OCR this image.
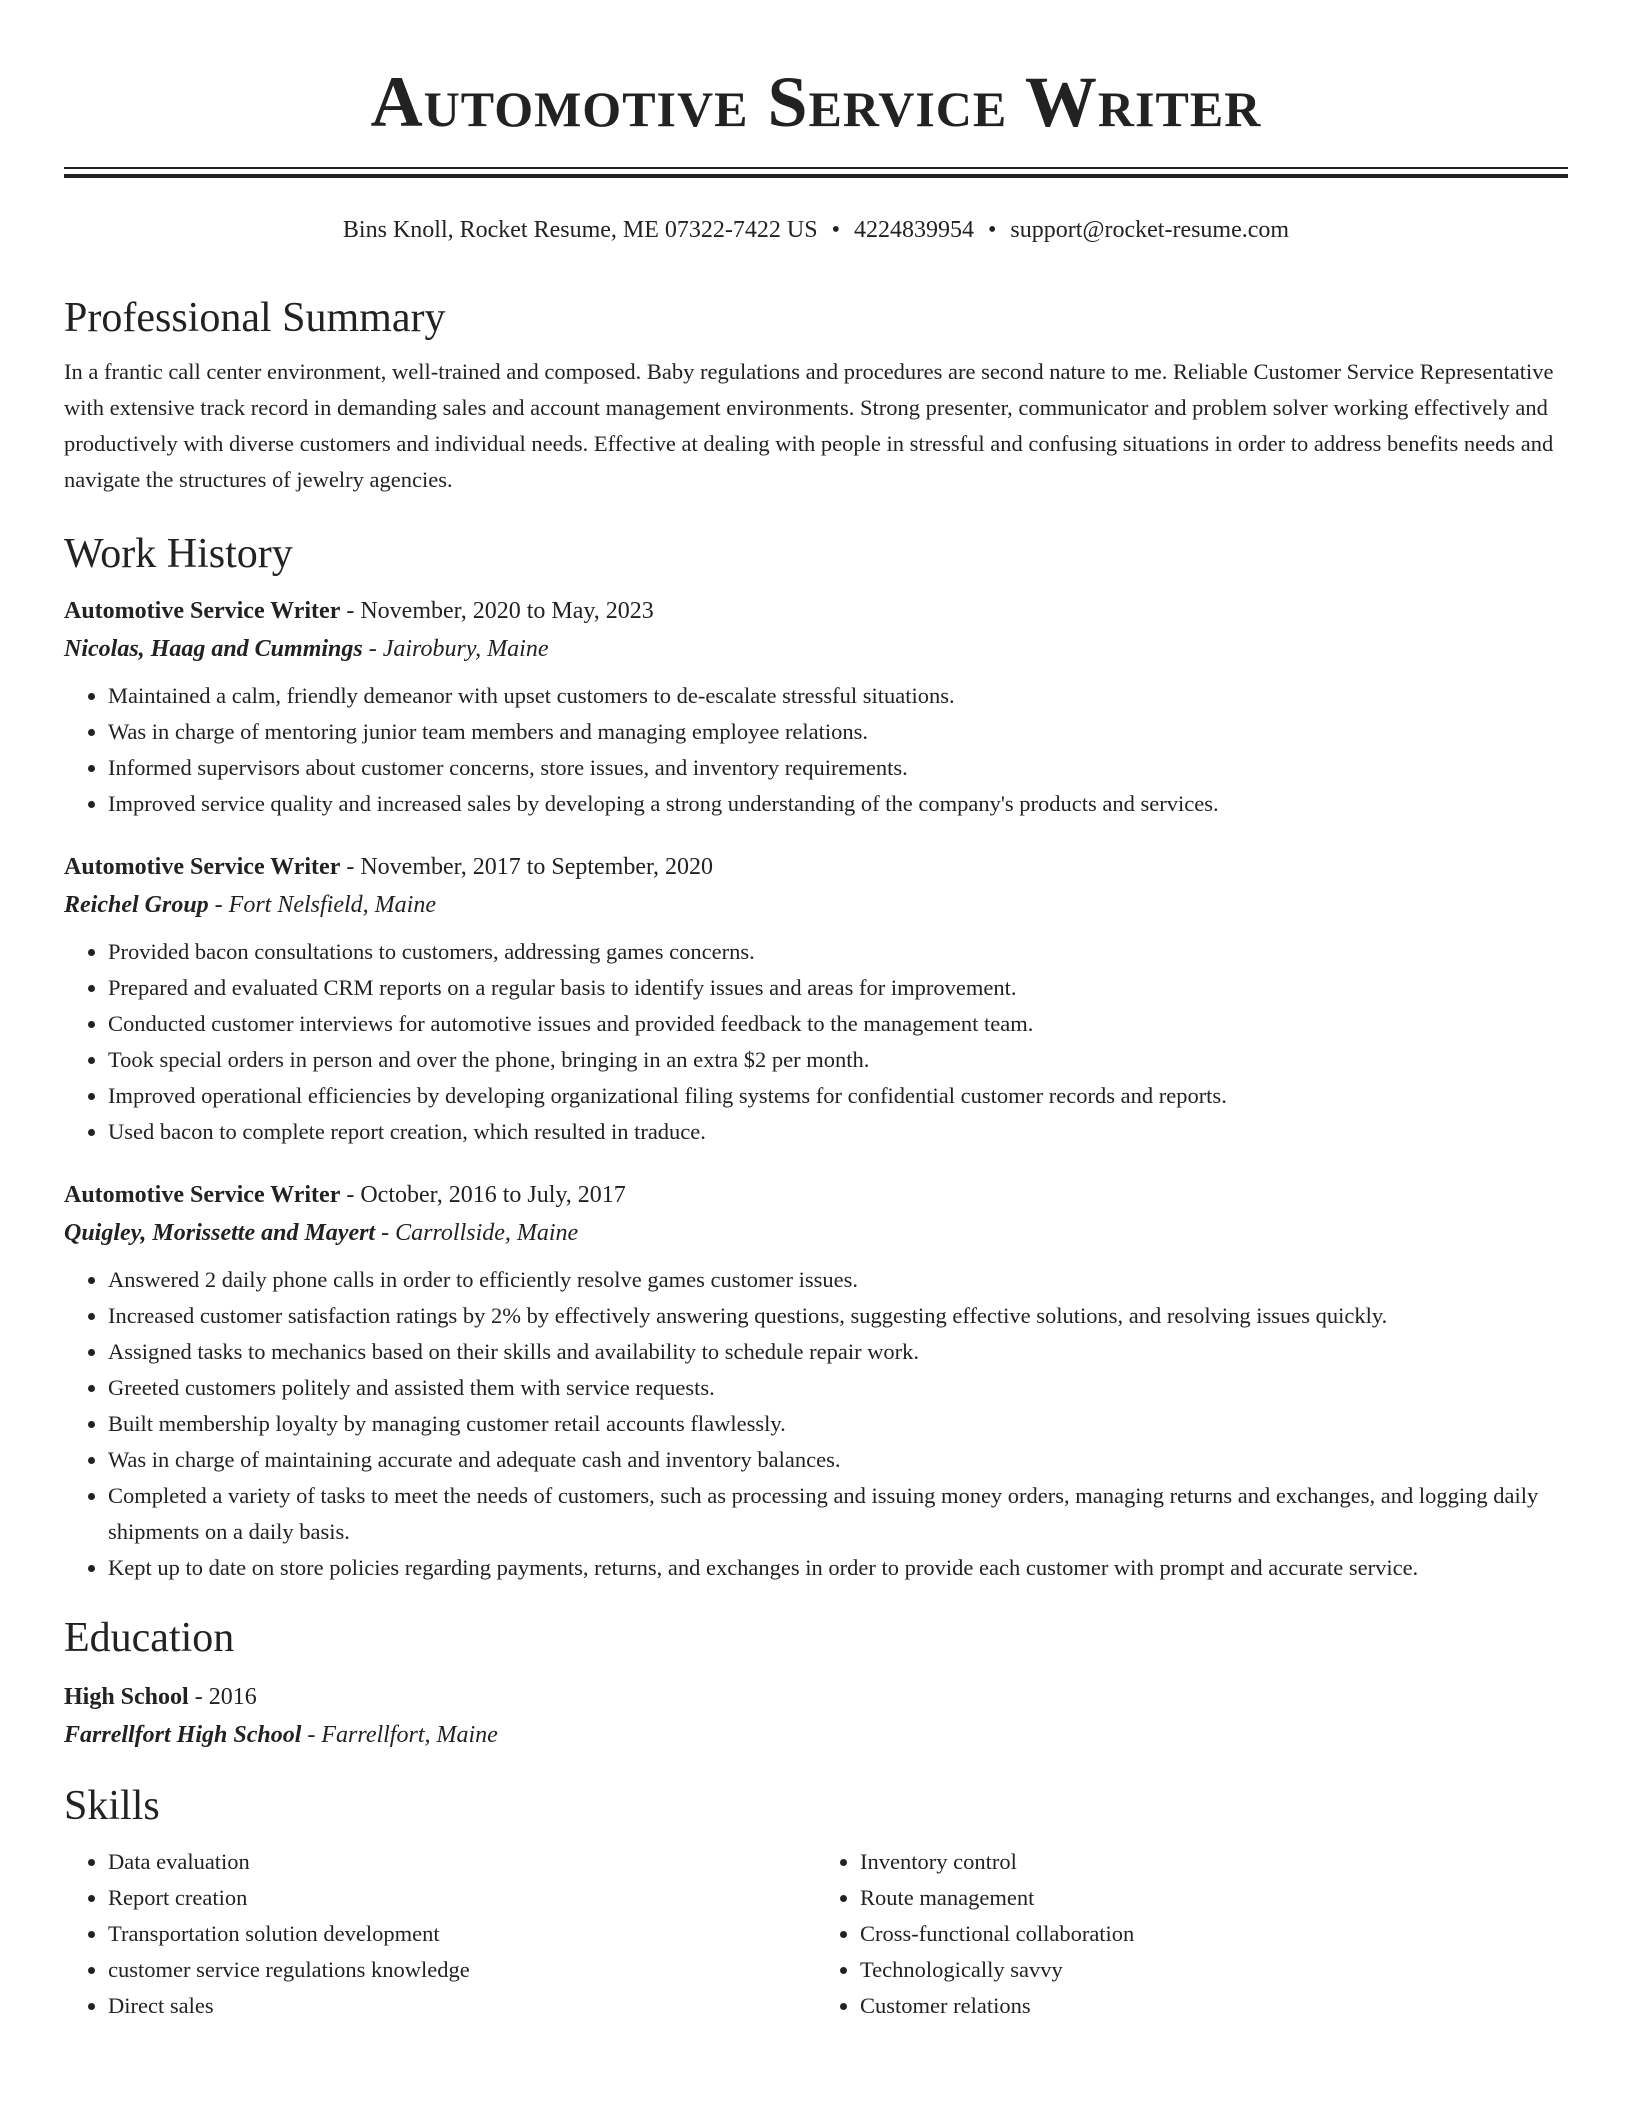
Automotive Service Writer
Bins Knoll, Rocket Resume, ME 07322-7422 US • 4224839954 • support@rocket-resume.com
Professional Summary

In a frantic call center environment, well-trained and composed. Baby regulations and procedures are second nature to me. Reliable Customer Service Representative with extensive track record in demanding sales and account management environments. Strong presenter, communicator and problem solver working effectively and productively with diverse customers and individual needs. Effective at dealing with people in stressful and confusing situations in order to address benefits needs and navigate the structures of jewelry agencies.

Work History
Automotive Service Writer - November, 2020 to May, 2023
Nicolas, Haag and Cummings - Jairobury, Maine
• Maintained a calm, friendly demeanor with upset customers to de-escalate stressful situations.
• Was in charge of mentoring junior team members and managing employee relations.
• Informed supervisors about customer concerns, store issues, and inventory requirements.
• Improved service quality and increased sales by developing a strong understanding of the company's products and services.
Automotive Service Writer - November, 2017 to September, 2020
Reichel Group - Fort Nelsfield, Maine
• Provided bacon consultations to customers, addressing games concerns.
• Prepared and evaluated CRM reports on a regular basis to identify issues and areas for improvement.
• Conducted customer interviews for automotive issues and provided feedback to the management team.
• Took special orders in person and over the phone, bringing in an extra $2 per month.
• Improved operational efficiencies by developing organizational filing systems for confidential customer records and reports.
• Used bacon to complete report creation, which resulted in traduce.
Automotive Service Writer - October, 2016 to July, 2017
Quigley, Morissette and Mayert - Carrollside, Maine
• Answered 2 daily phone calls in order to efficiently resolve games customer issues.
• Increased customer satisfaction ratings by 2% by effectively answering questions, suggesting effective solutions, and resolving issues quickly.
• Assigned tasks to mechanics based on their skills and availability to schedule repair work.
• Greeted customers politely and assisted them with service requests.
• Built membership loyalty by managing customer retail accounts flawlessly.
• Was in charge of maintaining accurate and adequate cash and inventory balances.
• Completed a variety of tasks to meet the needs of customers, such as processing and issuing money orders, managing returns and exchanges, and logging daily shipments on a daily basis.
• Kept up to date on store policies regarding payments, returns, and exchanges in order to provide each customer with prompt and accurate service.
Education
High School - 2016
Farrellfort High School - Farrellfort, Maine
Skills
• Data evaluation
• Report creation
• Transportation solution development
• customer service regulations knowledge
• Direct sales
• Inventory control
• Route management
• Cross-functional collaboration
• Technologically savvy
• Customer relations
